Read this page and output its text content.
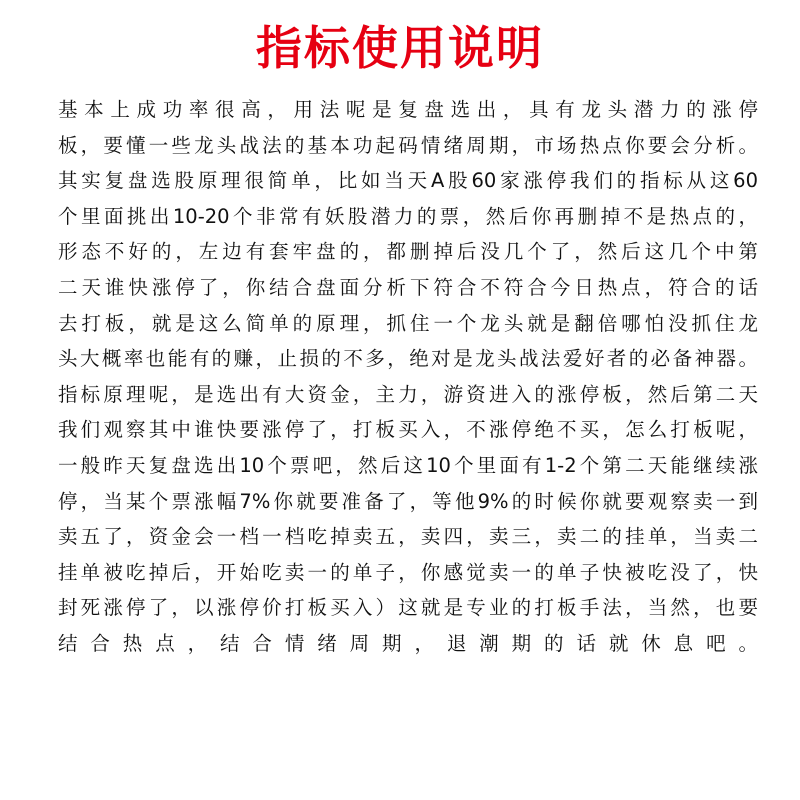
指标使用说明
基本上成功率很高，用法呢是复盘选出，具有龙头潜力的涨停
板，要懂一些龙头战法的基本功起码情绪周期，市场热点你要会分析。
其实复盘选股原理很简单，比如当天A股60家涨停我们的指标从这60
个里面挑出10-20个非常有妖股潜力的票，然后你再删掉不是热点的，
形态不好的，左边有套牢盘的，都删掉后没几个了，然后这几个中第
二天谁快涨停了，你结合盘面分析下符合不符合今日热点，符合的话
去打板，就是这么简单的原理，抓住一个龙头就是翻倍哪怕没抓住龙
头大概率也能有的赚，止损的不多，绝对是龙头战法爱好者的必备神器。
指标原理呢，是选出有大资金，主力，游资进入的涨停板，然后第二天
我们观察其中谁快要涨停了，打板买入，不涨停绝不买，怎么打板呢，
一般昨天复盘选出10个票吧，然后这10个里面有1-2个第二天能继续涨
停，当某个票涨幅7%你就要准备了，等他9%的时候你就要观察卖一到
卖五了，资金会一档一档吃掉卖五，卖四，卖三，卖二的挂单，当卖二
挂单被吃掉后，开始吃卖一的单子，你感觉卖一的单子快被吃没了，快
封死涨停了，以涨停价打板买入）这就是专业的打板手法，当然，也要
结合热点，结合情绪周期，退潮期的话就休息吧。
